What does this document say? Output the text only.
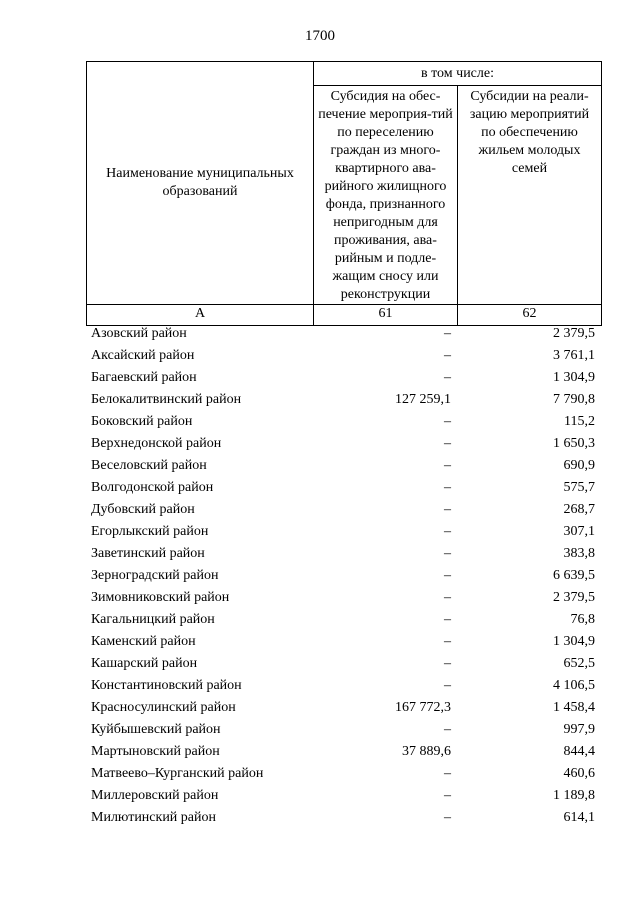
1700
Наименование муниципальных образований	в том числе:	

	Субсидия на обес-печение мероприя-тий по переселению граждан из много-квартирного ава-рийного жилищного фонда, признанного непригодным для проживания, ава-рийным и подле-жащим сносу или реконструкции	Субсидии на реали-зацию мероприятий по обеспечению жильем молодых семей

А	61	62
Азовский район	–	2 379,5
Аксайский район	–	3 761,1
Багаевский район	–	1 304,9
Белокалитвинский район	127 259,1	7 790,8
Боковский район	–	115,2
Верхнедонской район	–	1 650,3
Веселовский район	–	690,9
Волгодонской район	–	575,7
Дубовский район	–	268,7
Егорлыкский район	–	307,1
Заветинский район	–	383,8
Зерноградский район	–	6 639,5
Зимовниковский район	–	2 379,5
Кагальницкий район	–	76,8
Каменский район	–	1 304,9
Кашарский район	–	652,5
Константиновский район	–	4 106,5
Красносулинский район	167 772,3	1 458,4
Куйбышевский район	–	997,9
Мартыновский район	37 889,6	844,4
Матвеево–Курганский район	–	460,6
Миллеровский район	–	1 189,8
Милютинский район	–	614,1
